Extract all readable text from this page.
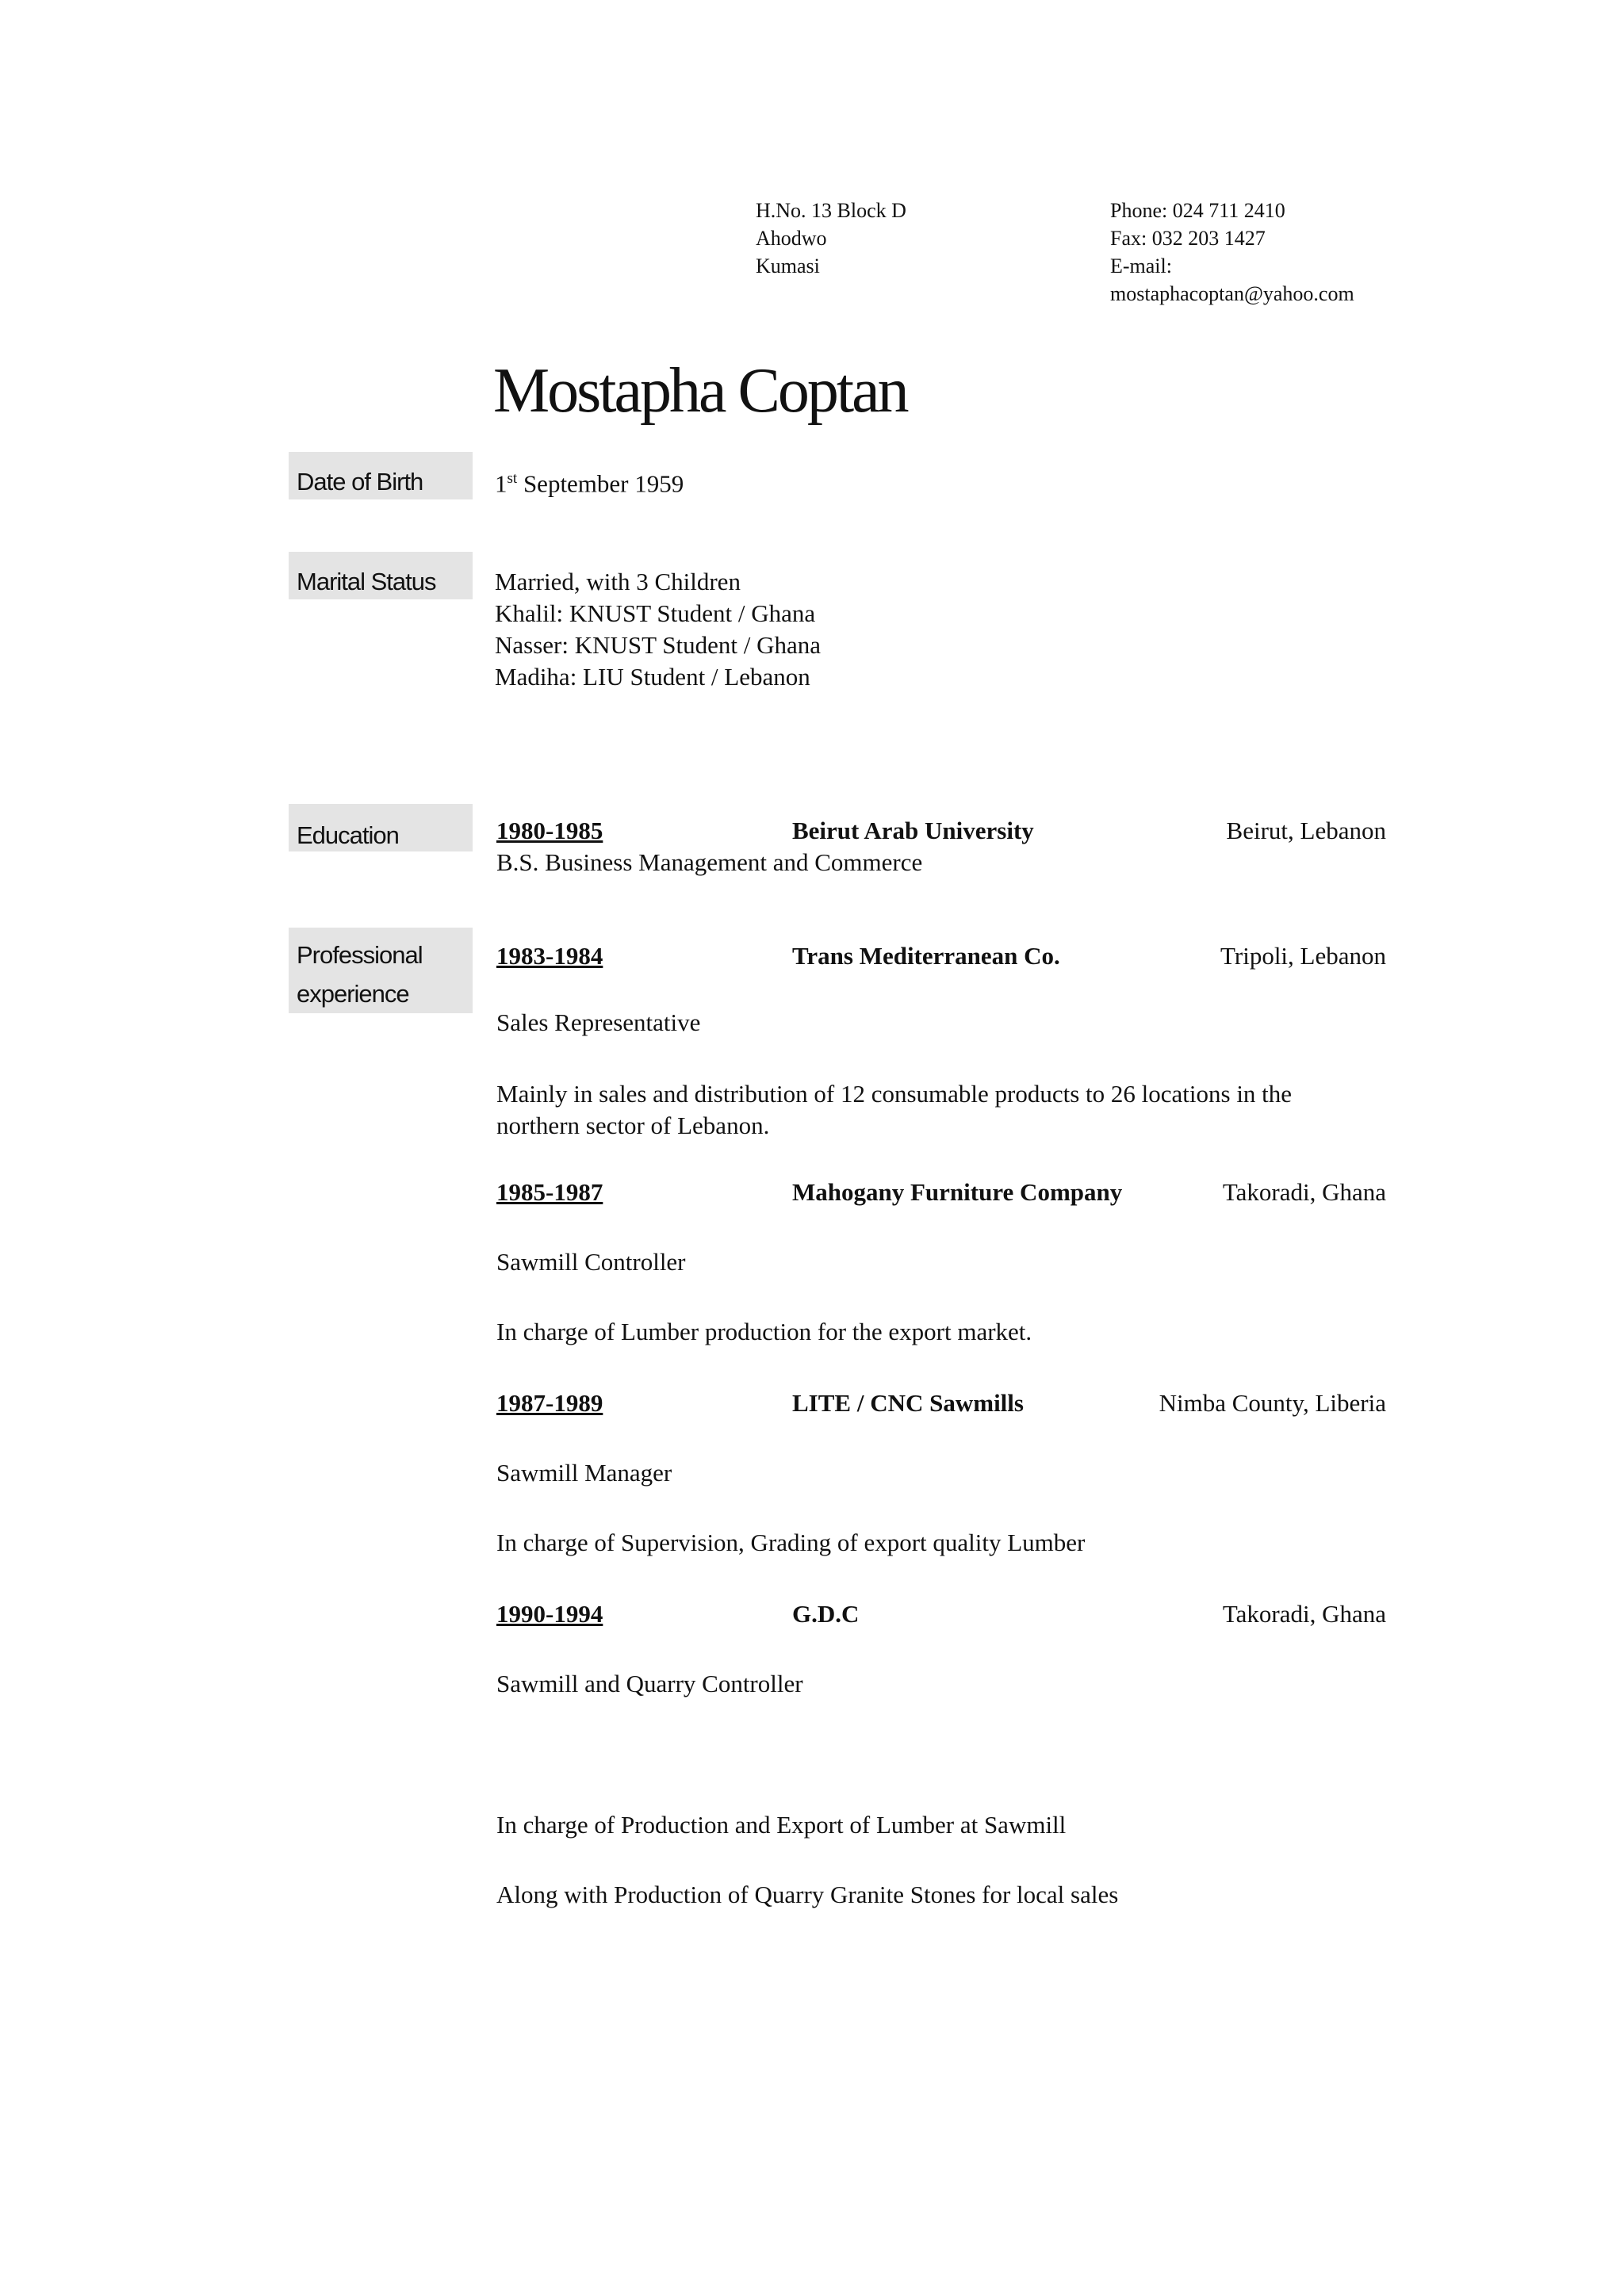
H.No. 13 Block D
Ahodwo
Kumasi
Phone: 024 711 2410
Fax: 032 203 1427
E-mail:
mostaphacoptan@yahoo.com
Mostapha Coptan
Date of Birth	1st September 1959
Marital Status	Married, with 3 Children
Khalil: KNUST Student / Ghana
Nasser: KNUST Student / Ghana
Madiha: LIU Student / Lebanon
Education	1980-1985	Beirut Arab University	Beirut, Lebanon
B.S. Business Management and Commerce
Professional
experience
1983-1984	Trans Mediterranean Co.	Tripoli, Lebanon
Sales Representative
Mainly in sales and distribution of 12 consumable products to 26 locations in the
northern sector of Lebanon.
1985-1987	Mahogany Furniture Company	Takoradi, Ghana
Sawmill Controller
In charge of Lumber production for the export market.
1987-1989	LITE / CNC Sawmills	Nimba County, Liberia
Sawmill Manager
In charge of Supervision, Grading of export quality Lumber
1990-1994	G.D.C	Takoradi, Ghana
Sawmill and Quarry Controller
In charge of Production and Export of Lumber at Sawmill
Along with Production of Quarry Granite Stones for local sales
